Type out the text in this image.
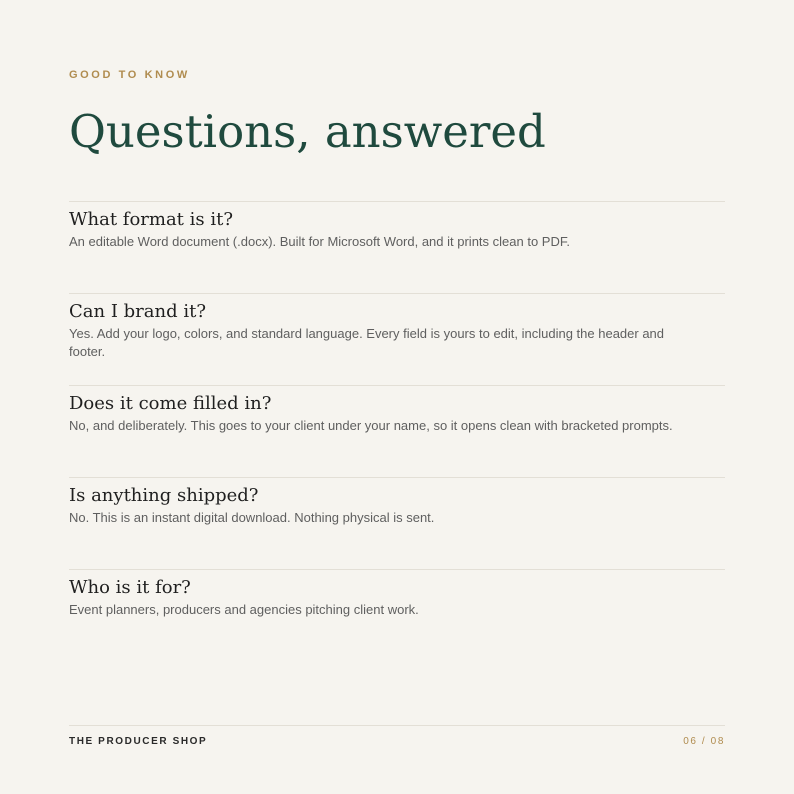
GOOD TO KNOW
Questions, answered
What format is it?

An editable Word document (.docx). Built for Microsoft Word, and it prints clean to PDF.

Can I brand it?

Yes. Add your logo, colors, and standard language. Every field is yours to edit, including the header and footer.

Does it come filled in?

No, and deliberately. This goes to your client under your name, so it opens clean with bracketed prompts.

Is anything shipped?

No. This is an instant digital download. Nothing physical is sent.

Who is it for?

Event planners, producers and agencies pitching client work.

THE PRODUCER SHOP	06 / 08
